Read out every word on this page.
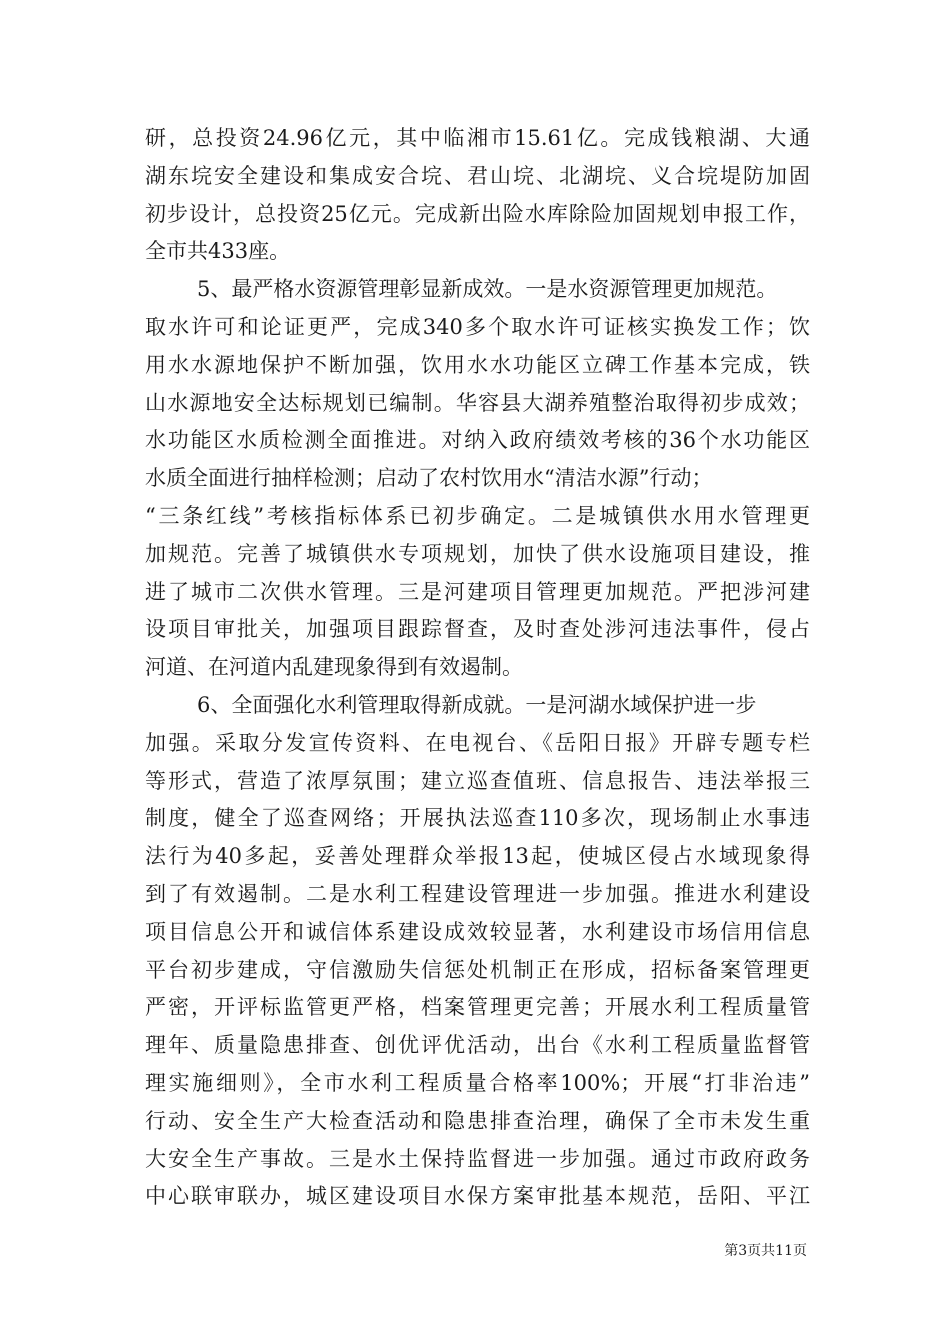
研，总投资24.96亿元，其中临湘市15.61亿。完成钱粮湖、大通
湖东垸安全建设和集成安合垸、君山垸、北湖垸、义合垸堤防加固
初步设计，总投资25亿元。完成新出险水库除险加固规划申报工作，
全市共433座。
5、最严格水资源管理彰显新成效。一是水资源管理更加规范。
取水许可和论证更严，完成340多个取水许可证核实换发工作；饮
用水水源地保护不断加强，饮用水水功能区立碑工作基本完成，铁
山水源地安全达标规划已编制。华容县大湖养殖整治取得初步成效；
水功能区水质检测全面推进。对纳入政府绩效考核的36个水功能区
水质全面进行抽样检测；启动了农村饮用水“清洁水源”行动；
“三条红线”考核指标体系已初步确定。二是城镇供水用水管理更
加规范。完善了城镇供水专项规划，加快了供水设施项目建设，推
进了城市二次供水管理。三是河建项目管理更加规范。严把涉河建
设项目审批关，加强项目跟踪督查，及时查处涉河违法事件，侵占
河道、在河道内乱建现象得到有效遏制。
6、全面强化水利管理取得新成就。一是河湖水域保护进一步
加强。采取分发宣传资料、在电视台、《岳阳日报》开辟专题专栏
等形式，营造了浓厚氛围；建立巡查值班、信息报告、违法举报三
制度，健全了巡查网络；开展执法巡查110多次，现场制止水事违
法行为40多起，妥善处理群众举报13起，使城区侵占水域现象得
到了有效遏制。二是水利工程建设管理进一步加强。推进水利建设
项目信息公开和诚信体系建设成效较显著，水利建设市场信用信息
平台初步建成，守信激励失信惩处机制正在形成，招标备案管理更
严密，开评标监管更严格，档案管理更完善；开展水利工程质量管
理年、质量隐患排查、创优评优活动，出台《水利工程质量监督管
理实施细则》，全市水利工程质量合格率100%；开展“打非治违”
行动、安全生产大检查活动和隐患排查治理，确保了全市未发生重
大安全生产事故。三是水土保持监督进一步加强。通过市政府政务
中心联审联办，城区建设项目水保方案审批基本规范，岳阳、平江
第3页共11页
